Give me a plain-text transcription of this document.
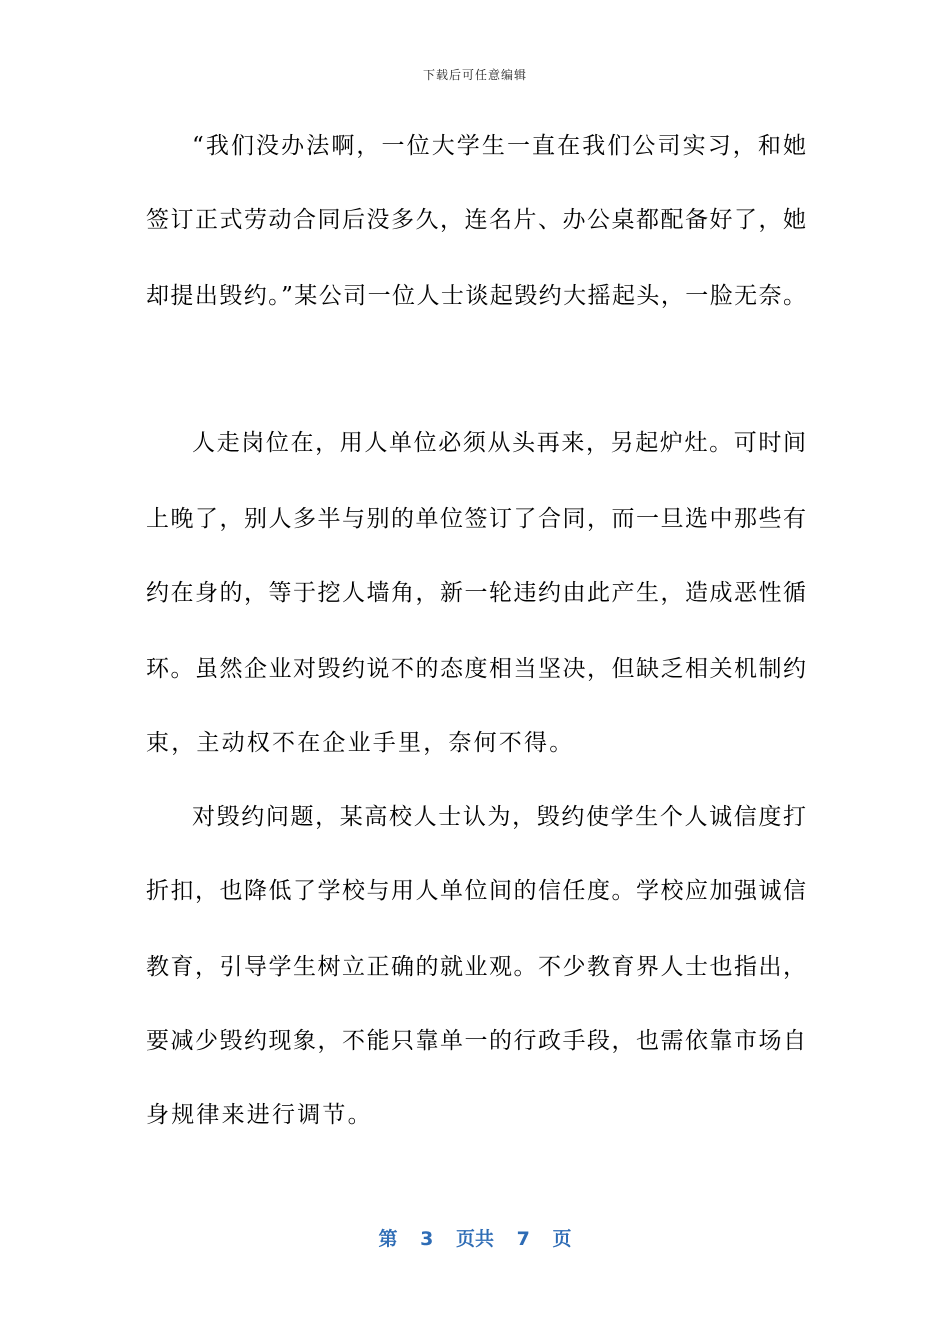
下载后可任意编辑
“我们没办法啊，一位大学生一直在我们公司实习，和她
签订正式劳动合同后没多久，连名片、办公桌都配备好了，她
却提出毁约。”某公司一位人士谈起毁约大摇起头，一脸无奈。
人走岗位在，用人单位必须从头再来，另起炉灶。可时间
上晚了，别人多半与别的单位签订了合同，而一旦选中那些有
约在身的，等于挖人墙角，新一轮违约由此产生，造成恶性循
环。虽然企业对毁约说不的态度相当坚决，但缺乏相关机制约
束，主动权不在企业手里，奈何不得。
对毁约问题，某高校人士认为，毁约使学生个人诚信度打
折扣，也降低了学校与用人单位间的信任度。学校应加强诚信
教育，引导学生树立正确的就业观。不少教育界人士也指出，
要减少毁约现象，不能只靠单一的行政手段，也需依靠市场自
身规律来进行调节。
第 3 页共 7 页
